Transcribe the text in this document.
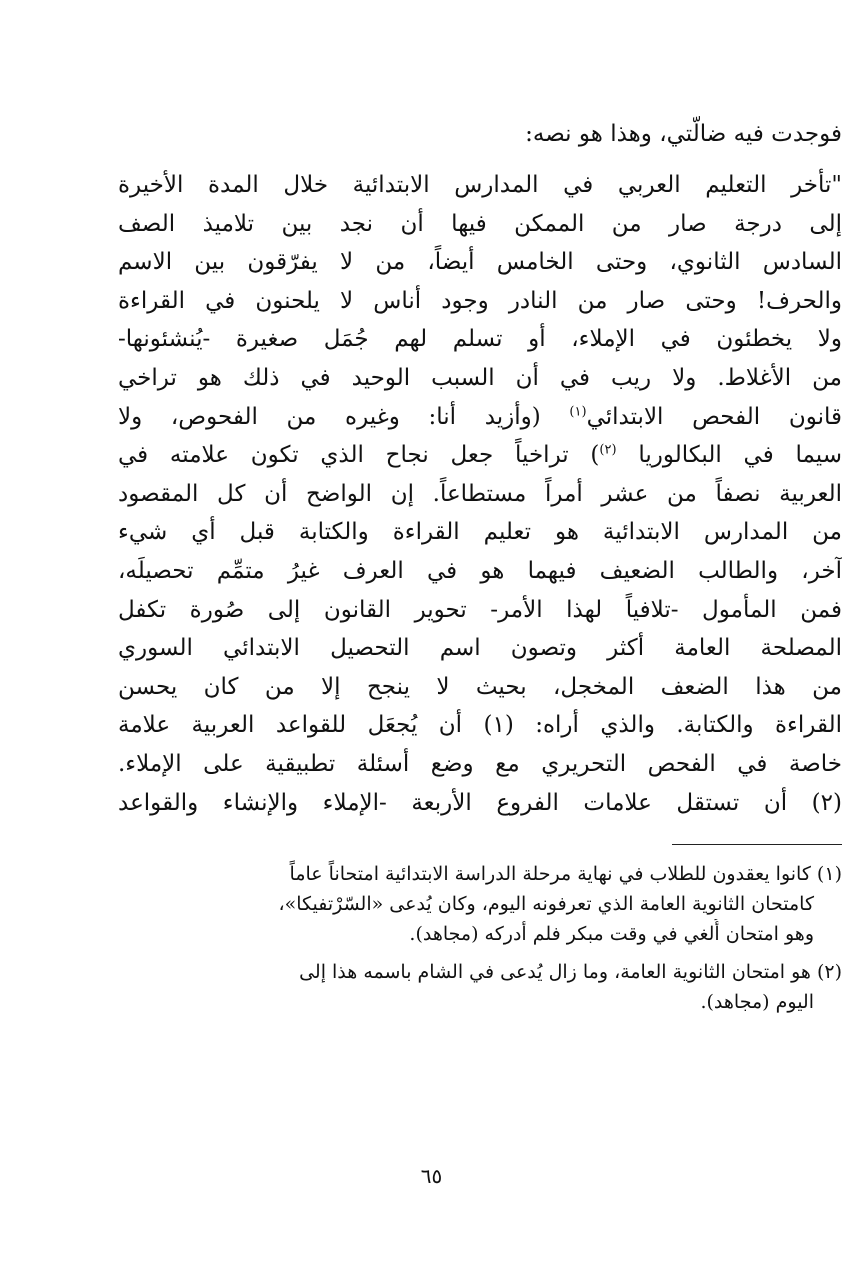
فوجدت فيه ضالّتي، وهذا هو نصه:

"تأخر التعليم العربي في المدارس الابتدائية خلال المدة الأخيرة
إلى درجة صار من الممكن فيها أن نجد بين تلاميذ الصف
السادس الثانوي، وحتى الخامس أيضاً، من لا يفرّقون بين الاسم
والحرف! وحتى صار من النادر وجود أناس لا يلحنون في القراءة
ولا يخطئون في الإملاء، أو تسلم لهم جُمَل صغيرة -يُنشئونها-
من الأغلاط. ولا ريب في أن السبب الوحيد في ذلك هو تراخي
قانون الفحص الابتدائي$^{(١)}$ (وأزيد أنا: وغيره من الفحوص، ولا
سيما في البكالوريا $^{(٢)}$) تراخياً جعل نجاح الذي تكون علامته في
العربية نصفاً من عشر أمراً مستطاعاً. إن الواضح أن كل المقصود
من المدارس الابتدائية هو تعليم القراءة والكتابة قبل أي شيء
آخر، والطالب الضعيف فيهما هو في العرف غيرُ متمِّم تحصيلَه،
فمن المأمول -تلافياً لهذا الأمر- تحوير القانون إلى صُورة تكفل
المصلحة العامة أكثر وتصون اسم التحصيل الابتدائي السوري
من هذا الضعف المخجل، بحيث لا ينجح إلا من كان يحسن
القراءة والكتابة. والذي أراه: (١) أن يُجعَل للقواعد العربية علامة
خاصة في الفحص التحريري مع وضع أسئلة تطبيقية على الإملاء.
(٢) أن تستقل علامات الفروع الأربعة -الإملاء والإنشاء والقواعد
(١) كانوا يعقدون للطلاب في نهاية مرحلة الدراسة الابتدائية امتحاناً عاماً
كامتحان الثانوية العامة الذي تعرفونه اليوم، وكان يُدعى «السّرْتفيكا»،
وهو امتحان أُلغي في وقت مبكر فلم أدركه (مجاهد).
(٢) هو امتحان الثانوية العامة، وما زال يُدعى في الشام باسمه هذا إلى
اليوم (مجاهد).
٦٥
